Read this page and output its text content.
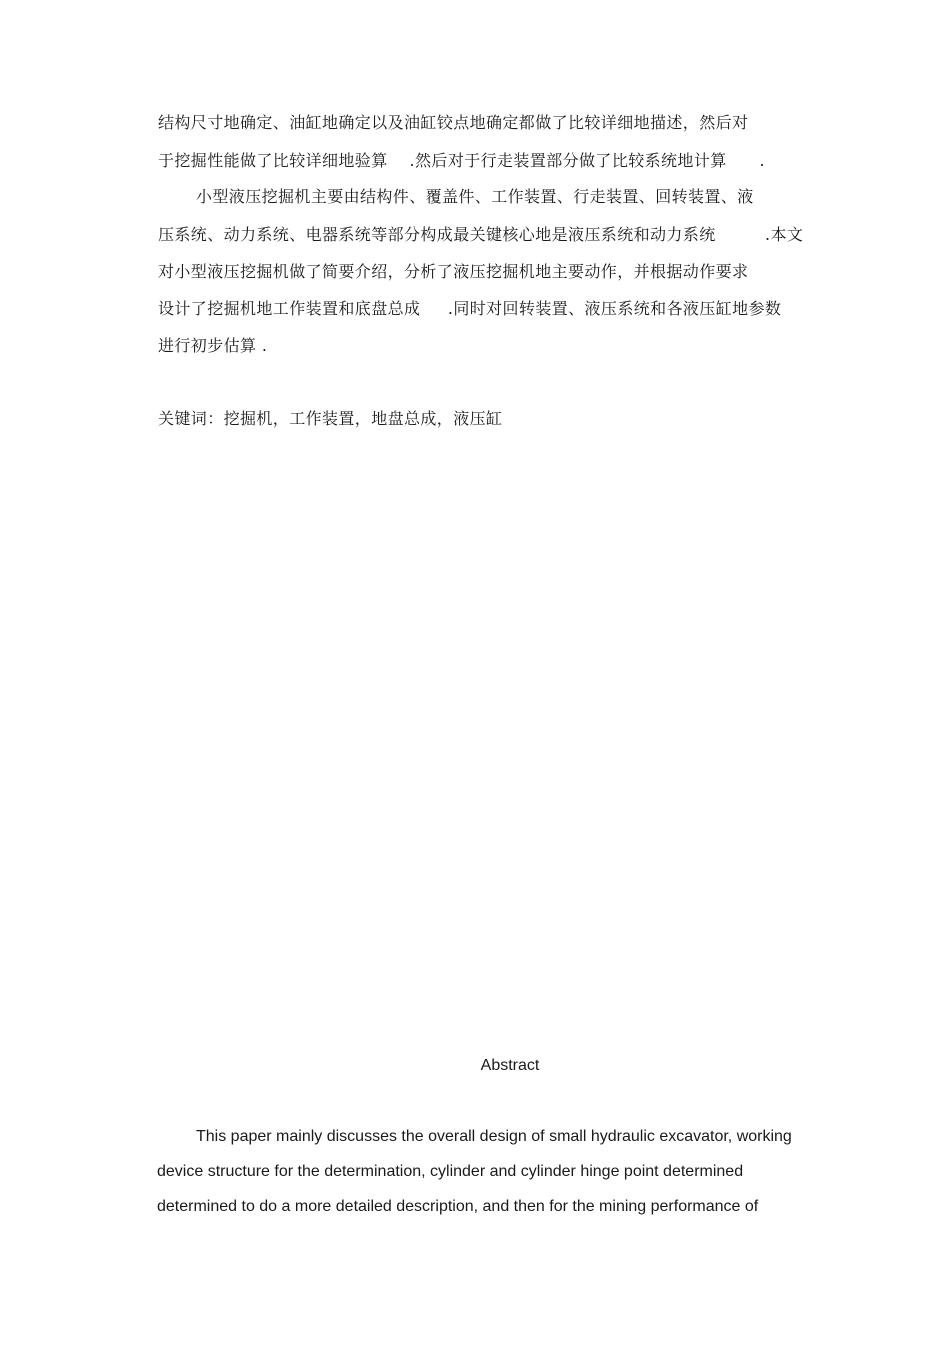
结构尺寸地确定、油缸地确定以及油缸铰点地确定都做了比较详细地描述，然后对
于挖掘性能做了比较详细地验算    .然后对于行走装置部分做了比较系统地计算      .
小型液压挖掘机主要由结构件、覆盖件、工作装置、行走装置、回转装置、液
压系统、动力系统、电器系统等部分构成最关键核心地是液压系统和动力系统         .本文
对小型液压挖掘机做了简要介绍，分析了液压挖掘机地主要动作，并根据动作要求
设计了挖掘机地工作装置和底盘总成     .同时对回转装置、液压系统和各液压缸地参数
进行初步估算 .
关键词：挖掘机，工作装置，地盘总成，液压缸
Abstract
This paper mainly discusses the overall design of small hydraulic excavator, working
device structure for the determination, cylinder and cylinder hinge point determined
determined to do a more detailed description, and then for the mining performance of
